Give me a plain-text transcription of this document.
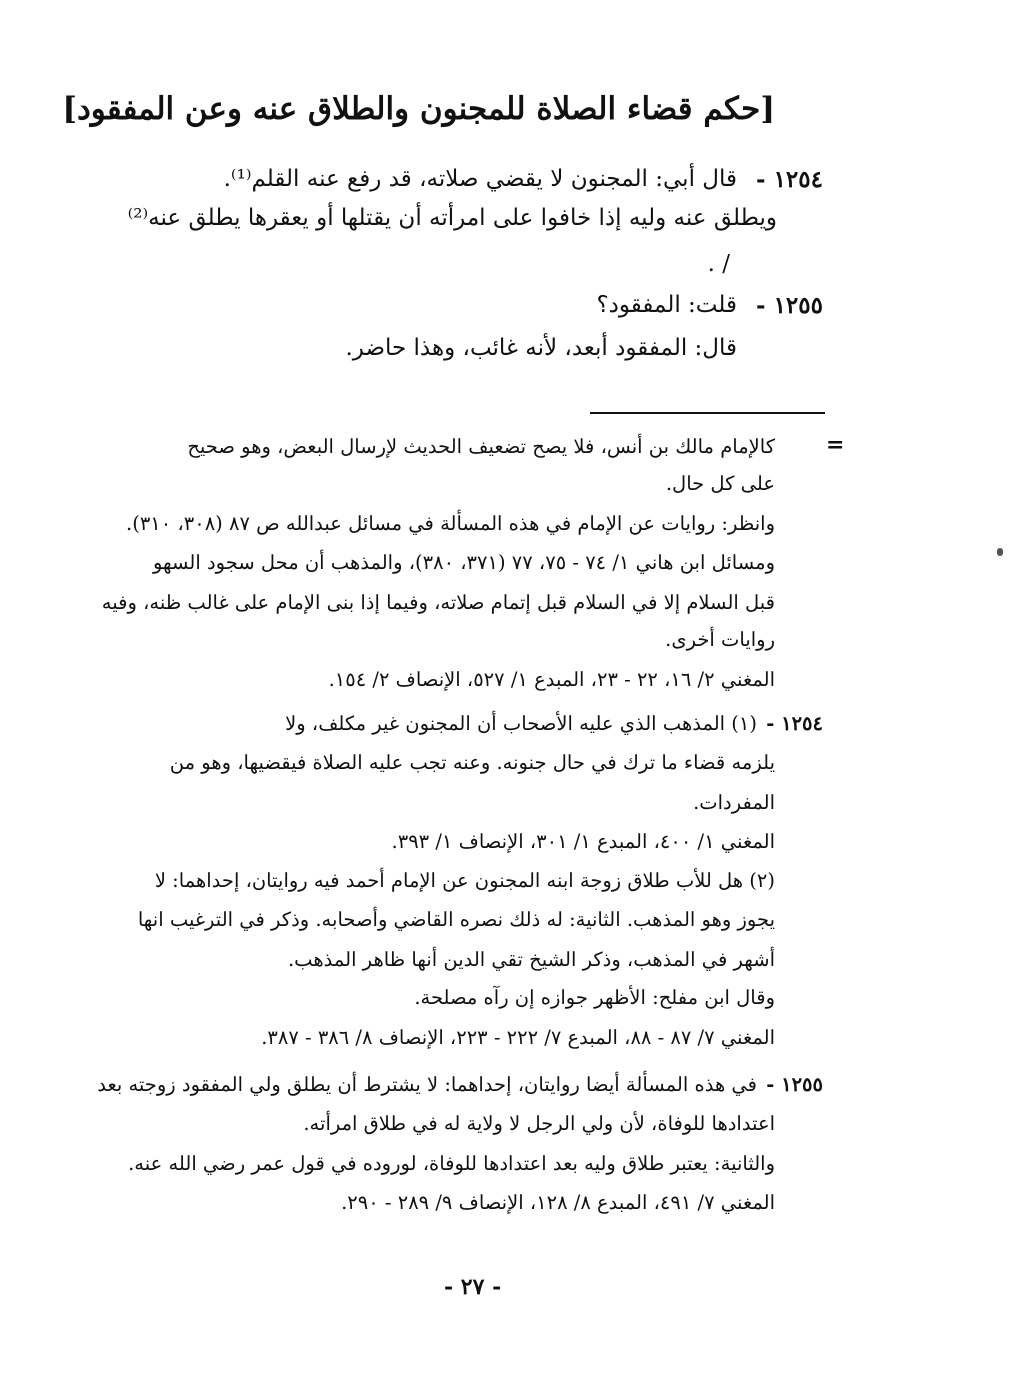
[حكم قضاء الصلاة للمجنون والطلاق عنه وعن المفقود]
١٢٥٤ -
قال أبي: المجنون لا يقضي صلاته، قد رفع عنه القلم⁽¹⁾.
ويطلق عنه وليه إذا خافوا على امرأته أن يقتلها أو يعقرها يطلق عنه⁽²⁾
/ .
١٢٥٥ -
قلت: المفقود؟
قال: المفقود أبعد، لأنه غائب، وهذا حاضر.
=
كالإمام مالك بن أنس، فلا يصح تضعيف الحديث لإرسال البعض، وهو صحيح
على كل حال.
وانظر: روايات عن الإمام في هذه المسألة في مسائل عبدالله ص ٨٧ (٣٠٨، ٣١٠).
ومسائل ابن هاني ١/ ٧٤ - ٧٥، ٧٧ (٣٧١، ٣٨٠)، والمذهب أن محل سجود السهو
قبل السلام إلا في السلام قبل إتمام صلاته، وفيما إذا بنى الإمام على غالب ظنه، وفيه
روايات أخرى.
المغني ٢/ ١٦، ٢٢ - ٢٣، المبدع ١/ ٥٢٧، الإنصاف ٢/ ١٥٤.
١٢٥٤ -
(١) المذهب الذي عليه الأصحاب أن المجنون غير مكلف، ولا
يلزمه قضاء ما ترك في حال جنونه. وعنه تجب عليه الصلاة فيقضيها، وهو من
المفردات.
المغني ١/ ٤٠٠، المبدع ١/ ٣٠١، الإنصاف ١/ ٣٩٣.
(٢) هل للأب طلاق زوجة ابنه المجنون عن الإمام أحمد فيه روايتان، إحداهما: لا
يجوز وهو المذهب. الثانية: له ذلك نصره القاضي وأصحابه. وذكر في الترغيب انها
أشهر في المذهب، وذكر الشيخ تقي الدين أنها ظاهر المذهب.
وقال ابن مفلح: الأظهر جوازه إن رآه مصلحة.
المغني ٧/ ٨٧ - ٨٨، المبدع ٧/ ٢٢٢ - ٢٢٣، الإنصاف ٨/ ٣٨٦ - ٣٨٧.
١٢٥٥ -
في هذه المسألة أيضا روايتان، إحداهما: لا يشترط أن يطلق ولي المفقود زوجته بعد
اعتدادها للوفاة، لأن ولي الرجل لا ولاية له في طلاق امرأته.
والثانية: يعتبر طلاق وليه بعد اعتدادها للوفاة، لوروده في قول عمر رضي الله عنه.
المغني ٧/ ٤٩١، المبدع ٨/ ١٢٨، الإنصاف ٩/ ٢٨٩ - ٢٩٠.
- ٢٧ -
